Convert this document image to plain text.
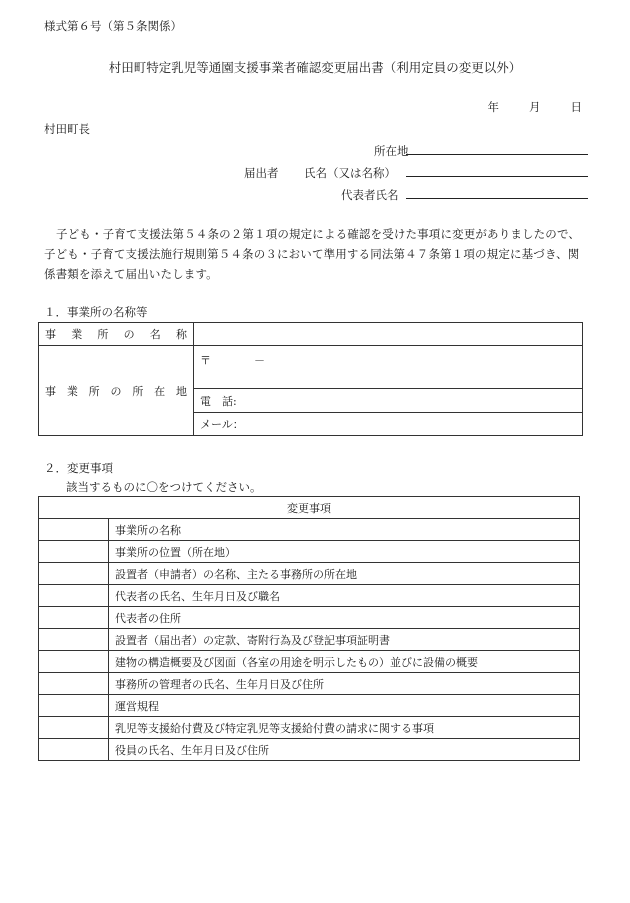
様式第６号（第５条関係）
村田町特定乳児等通園支援事業者確認変更届出書（利用定員の変更以外）
年	月	日
村田町長
所在地
届出者 氏名（又は名称）
代表者氏名
子ども・子育て支援法第５４条の２第１項の規定による確認を受けた事項に変更がありましたので、子ども・子育て支援法施行規則第５４条の３において準用する同法第４７条第１項の規定に基づき、関係書類を添えて届出いたします。
１．事業所の名称等
事業所の名称	

事業所の所在地	〒 －
	電　話:
	メール：
２．変更事項
該当するものに〇をつけてください。
変更事項	
	事業所の名称
	事業所の位置（所在地）
	設置者（申請者）の名称、主たる事務所の所在地
	代表者の氏名、生年月日及び職名
	代表者の住所
	設置者（届出者）の定款、寄附行為及び登記事項証明書
	建物の構造概要及び図面（各室の用途を明示したもの）並びに設備の概要
	事務所の管理者の氏名、生年月日及び住所
	運営規程
	乳児等支援給付費及び特定乳児等支援給付費の請求に関する事項
	役員の氏名、生年月日及び住所
